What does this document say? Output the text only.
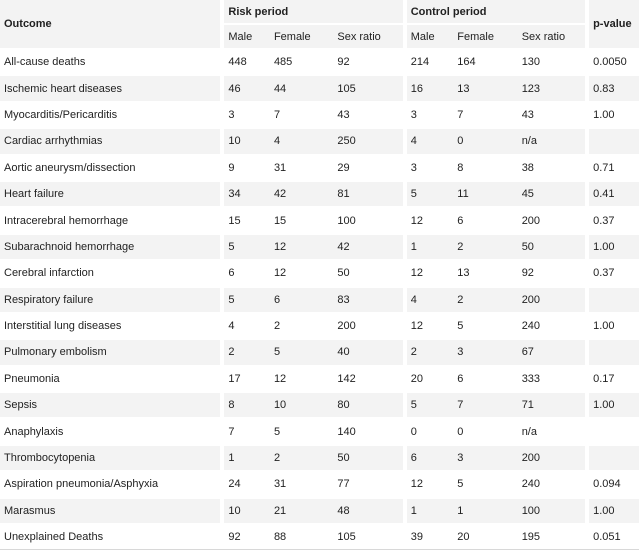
Outcome		Risk period				Control period				p-value
		Male	Female	Sex ratio		Male	Female	Sex ratio		
All-cause deaths		448	485	92		214	164	130		0.0050
Ischemic heart diseases		46	44	105		16	13	123		0.83
Myocarditis/Pericarditis		3	7	43		3	7	43		1.00
Cardiac arrhythmias		10	4	250		4	0	n/a		
Aortic aneurysm/dissection		9	31	29		3	8	38		0.71
Heart failure		34	42	81		5	11	45		0.41
Intracerebral hemorrhage		15	15	100		12	6	200		0.37
Subarachnoid hemorrhage		5	12	42		1	2	50		1.00
Cerebral infarction		6	12	50		12	13	92		0.37
Respiratory failure		5	6	83		4	2	200		
Interstitial lung diseases		4	2	200		12	5	240		1.00
Pulmonary embolism		2	5	40		2	3	67		
Pneumonia		17	12	142		20	6	333		0.17
Sepsis		8	10	80		5	7	71		1.00
Anaphylaxis		7	5	140		0	0	n/a		
Thrombocytopenia		1	2	50		6	3	200		
Aspiration pneumonia/Asphyxia		24	31	77		12	5	240		0.094
Marasmus		10	21	48		1	1	100		1.00
Unexplained Deaths		92	88	105		39	20	195		0.051
